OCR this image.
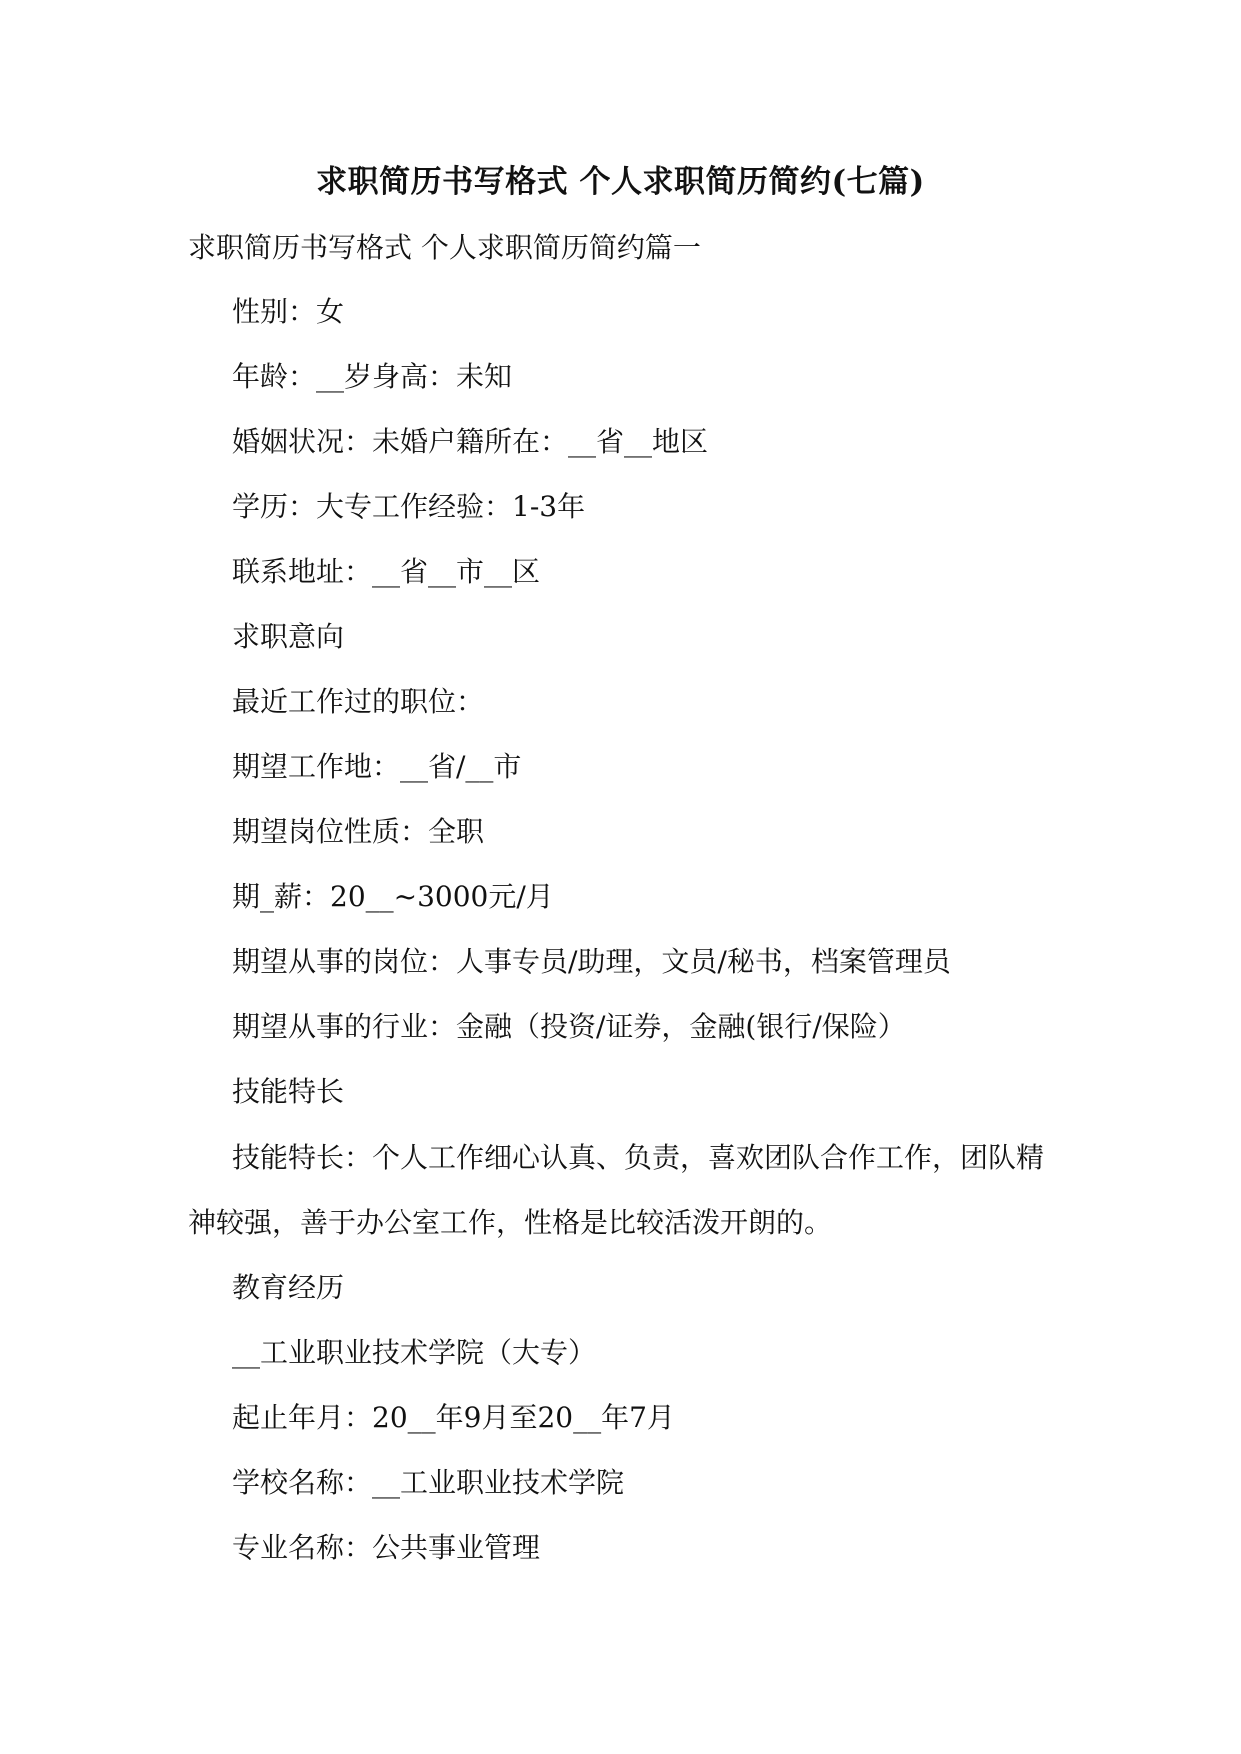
求职简历书写格式 个人求职简历简约(七篇)
求职简历书写格式 个人求职简历简约篇一

性别：女

年龄：__岁身高：未知

婚姻状况：未婚户籍所在：__省__地区

学历：大专工作经验：1-3年

联系地址：__省__市__区

求职意向

最近工作过的职位：

期望工作地：__省/__市

期望岗位性质：全职

期_薪：20__~3000元/月

期望从事的岗位：人事专员/助理，文员/秘书，档案管理员

期望从事的行业：金融（投资/证券，金融(银行/保险）

技能特长

技能特长：个人工作细心认真、负责，喜欢团队合作工作，团队精神较强，善于办公室工作，性格是比较活泼开朗的。

教育经历

__工业职业技术学院（大专）

起止年月：20__年9月至20__年7月

学校名称：__工业职业技术学院

专业名称：公共事业管理
